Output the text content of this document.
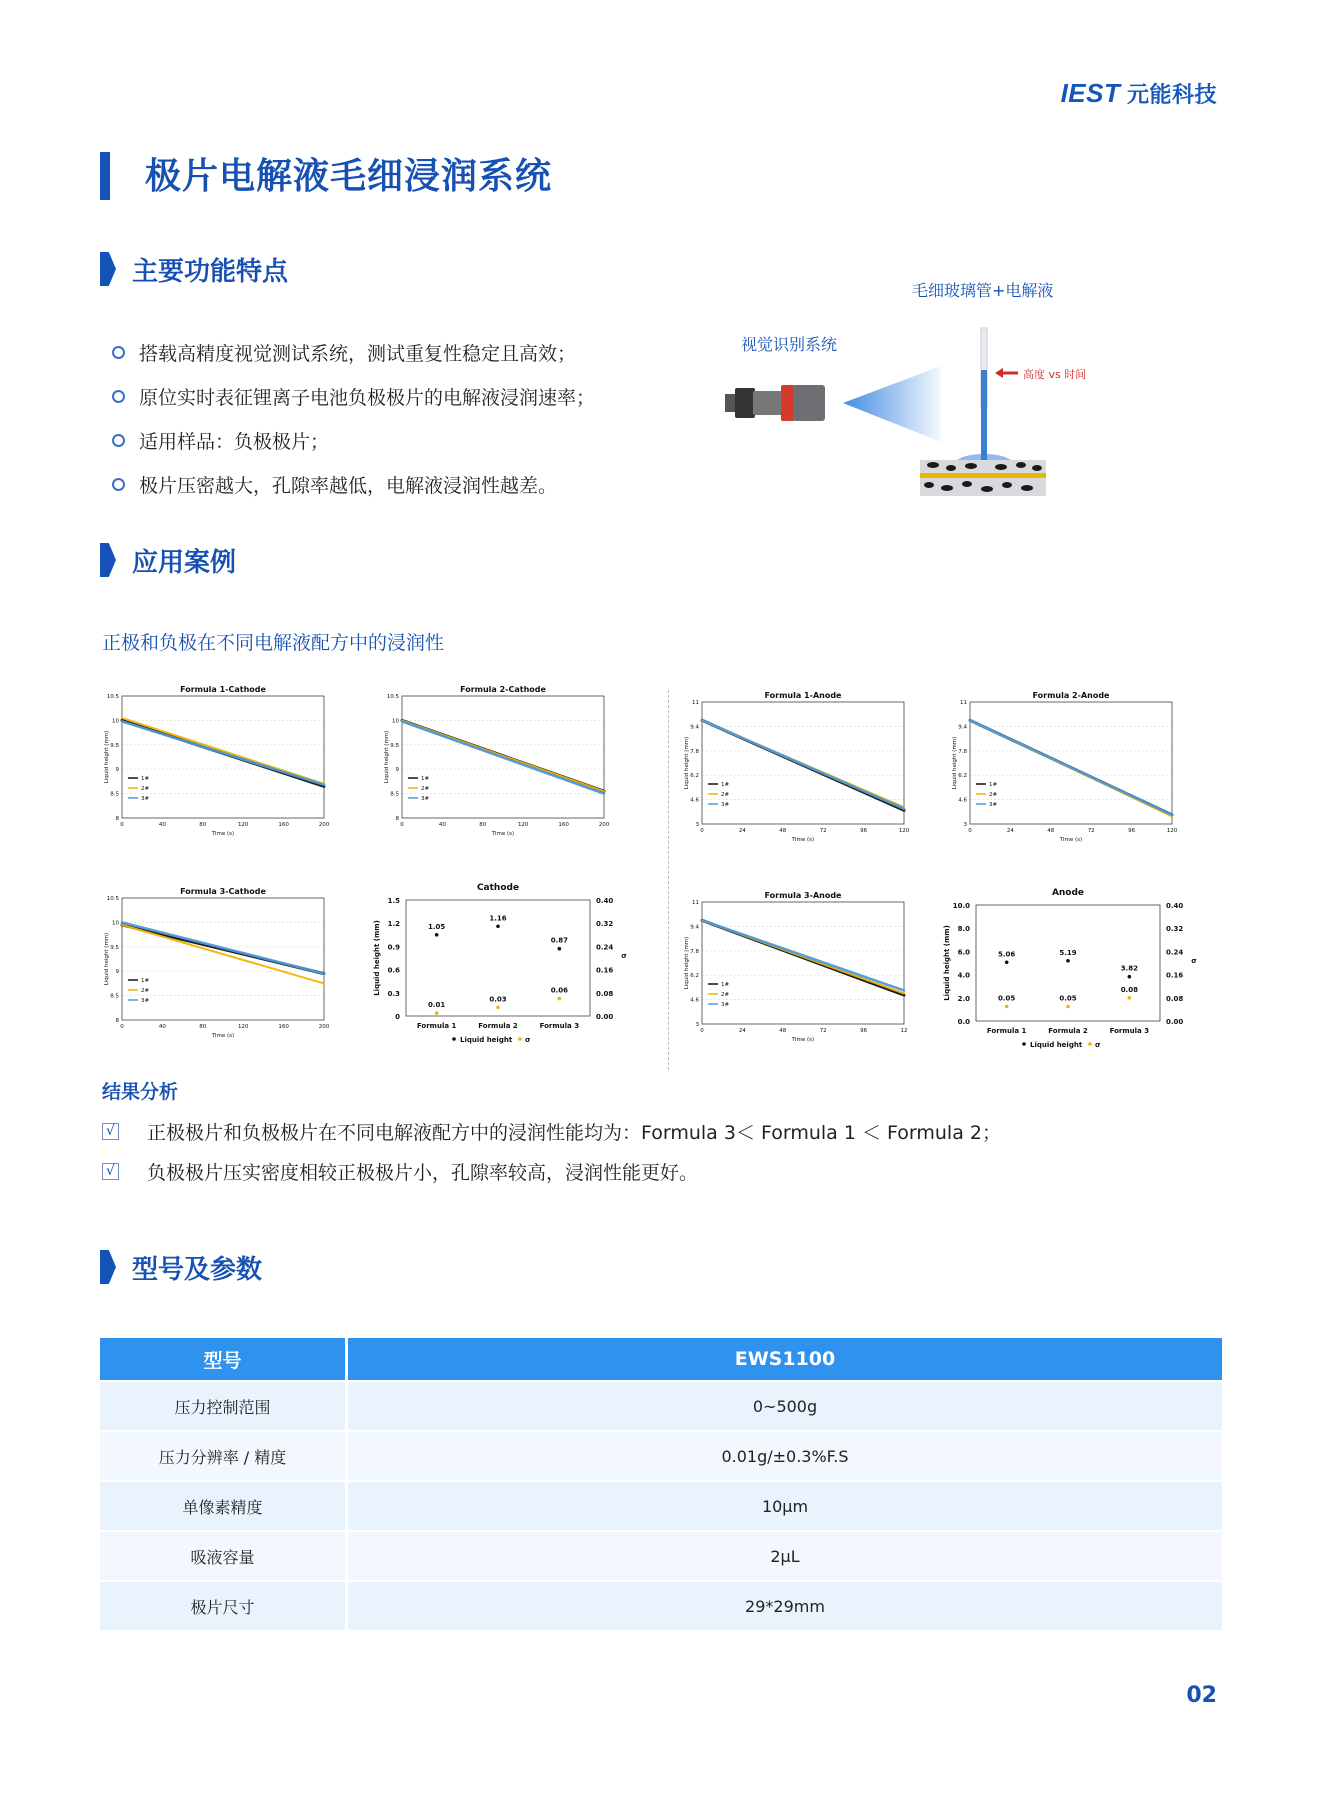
IEST 元能科技
极片电解液毛细浸润系统
主要功能特点
搭载高精度视觉测试系统，测试重复性稳定且高效；
原位实时表征锂离子电池负极极片的电解液浸润速率；
适用样品：负极极片；
极片压密越大，孔隙率越低，电解液浸润性越差。
毛细玻璃管+电解液
视觉识别系统
高度 vs 时间
应用案例
正极和负极在不同电解液配方中的浸润性
Formula 1-Cathode
8
8.5
9
9.5
10
10.5
0	40	80	120	160	200
Time (s)
Liquid height (mm)	1#
2#
3#
Formula 2-Cathode
8
8.5
9
9.5
10
10.5
0	40	80	120	160	200
Time (s)
Liquid height (mm)	1#
2#
3#
Formula 1-Anode
3
4.6
6.2
7.8
9.4
11
0	24	48	72	96	120
Time (s)
Liquid height (mm)	1#
2#
3#
Formula 2-Anode
3
4.6
6.2
7.8
9.4
11
0	24	48	72	96	120
Time (s)
Liquid height (mm)	1#
2#
3#
Formula 3-Cathode
8
8.5
9
9.5
10
10.5
0	40	80	120	160	200
Time (s)
Liquid height (mm)	1#
2#
3#
Cathode
0
0.3
0.6
0.9
1.2
1.5
0.00
0.08
0.16
0.24
0.32
0.40
Formula 1	Formula 2	Formula 3
Liquid height (mm)	σ
1.05
1.16
0.87
0.01
0.03
0.06
Liquid height σ
Formula 3-Anode
3
4.6
6.2
7.8
9.4
11
0	24	48	72	96	12
Time (s)
Liquid height (mm)	1#
2#
3#
Anode
0.0
2.0
4.0
6.0
8.0
10.0
0.00
0.08
0.16
0.24
0.32
0.40
Formula 1	Formula 2	Formula 3
Liquid height (mm)	σ
5.06	5.19
3.82
0.05	0.05
0.08
Liquid height σ
结果分析
√ 正极极片和负极极片在不同电解液配方中的浸润性能均为：Formula 3＜ Formula 1 ＜ Formula 2；
√ 负极极片压实密度相较正极极片小，孔隙率较高，浸润性能更好。
型号及参数
型号	EWS1100
压力控制范围	0~500g
压力分辨率 / 精度	0.01g/±0.3%F.S
单像素精度	10μm
吸液容量	2μL
极片尺寸	29*29mm
02
